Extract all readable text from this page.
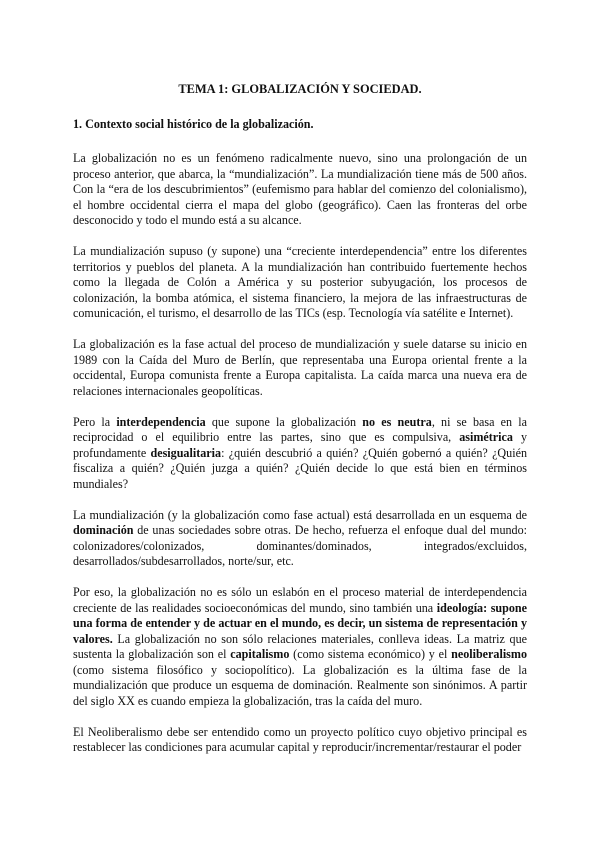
TEMA 1: GLOBALIZACIÓN Y SOCIEDAD.
1. Contexto social histórico de la globalización.

La globalización no es un fenómeno radicalmente nuevo, sino una prolongación de un proceso anterior, que abarca, la “mundialización”. La mundialización tiene más de 500 años. Con la “era de los descubrimientos” (eufemismo para hablar del comienzo del colonialismo), el hombre occidental cierra el mapa del globo (geográfico). Caen las fronteras del orbe desconocido y todo el mundo está a su alcance.

La mundialización supuso (y supone) una “creciente interdependencia” entre los diferentes territorios y pueblos del planeta. A la mundialización han contribuido fuertemente hechos como la llegada de Colón a América y su posterior subyugación, los procesos de colonización, la bomba atómica, el sistema financiero, la mejora de las infraestructuras de comunicación, el turismo, el desarrollo de las TICs (esp. Tecnología vía satélite e Internet).

La globalización es la fase actual del proceso de mundialización y suele datarse su inicio en 1989 con la Caída del Muro de Berlín, que representaba una Europa oriental frente a la occidental, Europa comunista frente a Europa capitalista. La caída marca una nueva era de relaciones internacionales geopolíticas.

Pero la interdependencia que supone la globalización no es neutra, ni se basa en la reciprocidad o el equilibrio entre las partes, sino que es compulsiva, asimétrica y profundamente desigualitaria: ¿quién descubrió a quién? ¿Quién gobernó a quién? ¿Quién fiscaliza a quién? ¿Quién juzga a quién? ¿Quién decide lo que está bien en términos mundiales?

La mundialización (y la globalización como fase actual) está desarrollada en un esquema de dominación de unas sociedades sobre otras. De hecho, refuerza el enfoque dual del mundo: colonizadores/colonizados, dominantes/dominados, integrados/excluidos, desarrollados/subdesarrollados, norte/sur, etc.

Por eso, la globalización no es sólo un eslabón en el proceso material de interdependencia creciente de las realidades socioeconómicas del mundo, sino también una ideología: supone una forma de entender y de actuar en el mundo, es decir, un sistema de representación y valores. La globalización no son sólo relaciones materiales, conlleva ideas. La matriz que sustenta la globalización son el capitalismo (como sistema económico) y el neoliberalismo (como sistema filosófico y sociopolítico). La globalización es la última fase de la mundialización que produce un esquema de dominación. Realmente son sinónimos. A partir del siglo XX es cuando empieza la globalización, tras la caída del muro.

El Neoliberalismo debe ser entendido como un proyecto político cuyo objetivo principal es restablecer las condiciones para acumular capital y reproducir/incrementar/restaurar el poder
